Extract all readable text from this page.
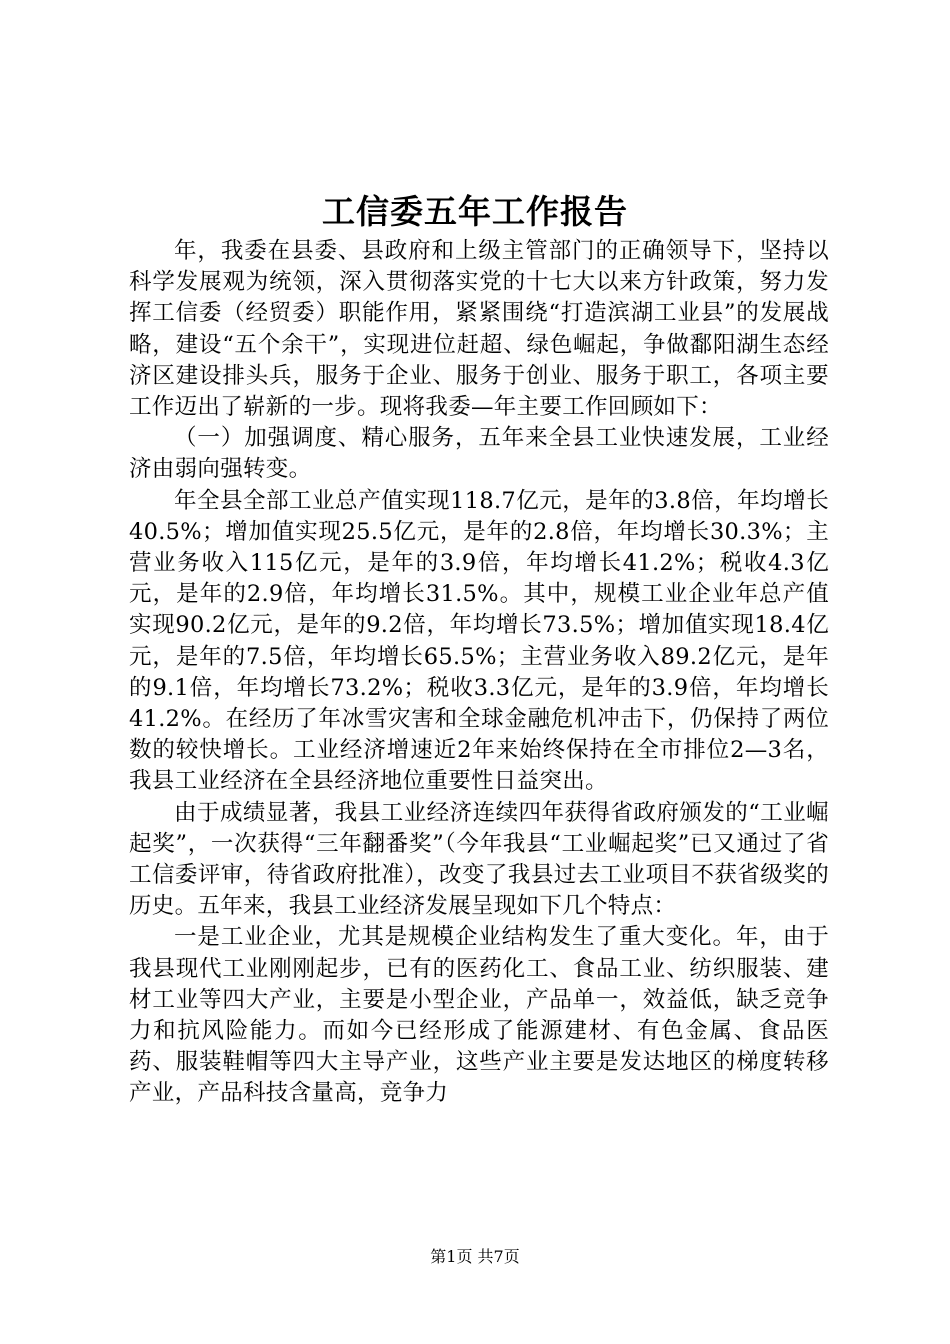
工信委五年工作报告

年，我委在县委、县政府和上级主管部门的正确领导下，坚持以科学发展观为统领，深入贯彻落实党的十七大以来方针政策，努力发挥工信委（经贸委）职能作用，紧紧围绕“打造滨湖工业县”的发展战略，建设“五个余干”，实现进位赶超、绿色崛起，争做鄱阳湖生态经济区建设排头兵，服务于企业、服务于创业、服务于职工，各项主要工作迈出了崭新的一步。现将我委—年主要工作回顾如下：

（一）加强调度、精心服务，五年来全县工业快速发展，工业经济由弱向强转变。

年全县全部工业总产值实现118.7亿元，是年的3.8倍，年均增长40.5%；增加值实现25.5亿元，是年的2.8倍，年均增长30.3%；主营业务收入115亿元，是年的3.9倍，年均增长41.2%；税收4.3亿元，是年的2.9倍，年均增长31.5%。其中，规模工业企业年总产值实现90.2亿元，是年的9.2倍，年均增长73.5%；增加值实现18.4亿元，是年的7.5倍，年均增长65.5%；主营业务收入89.2亿元，是年的9.1倍，年均增长73.2%；税收3.3亿元，是年的3.9倍，年均增长41.2%。在经历了年冰雪灾害和全球金融危机冲击下，仍保持了两位数的较快增长。工业经济增速近2年来始终保持在全市排位2—3名，我县工业经济在全县经济地位重要性日益突出。

由于成绩显著，我县工业经济连续四年获得省政府颁发的“工业崛起奖”，一次获得“三年翻番奖”（今年我县“工业崛起奖”已又通过了省工信委评审，待省政府批准），改变了我县过去工业项目不获省级奖的历史。五年来，我县工业经济发展呈现如下几个特点：

一是工业企业，尤其是规模企业结构发生了重大变化。年，由于我县现代工业刚刚起步，已有的医药化工、食品工业、纺织服装、建材工业等四大产业，主要是小型企业，产品单一，效益低，缺乏竞争力和抗风险能力。而如今已经形成了能源建材、有色金属、食品医药、服装鞋帽等四大主导产业，这些产业主要是发达地区的梯度转移产业，产品科技含量高，竞争力

第1页 共7页
